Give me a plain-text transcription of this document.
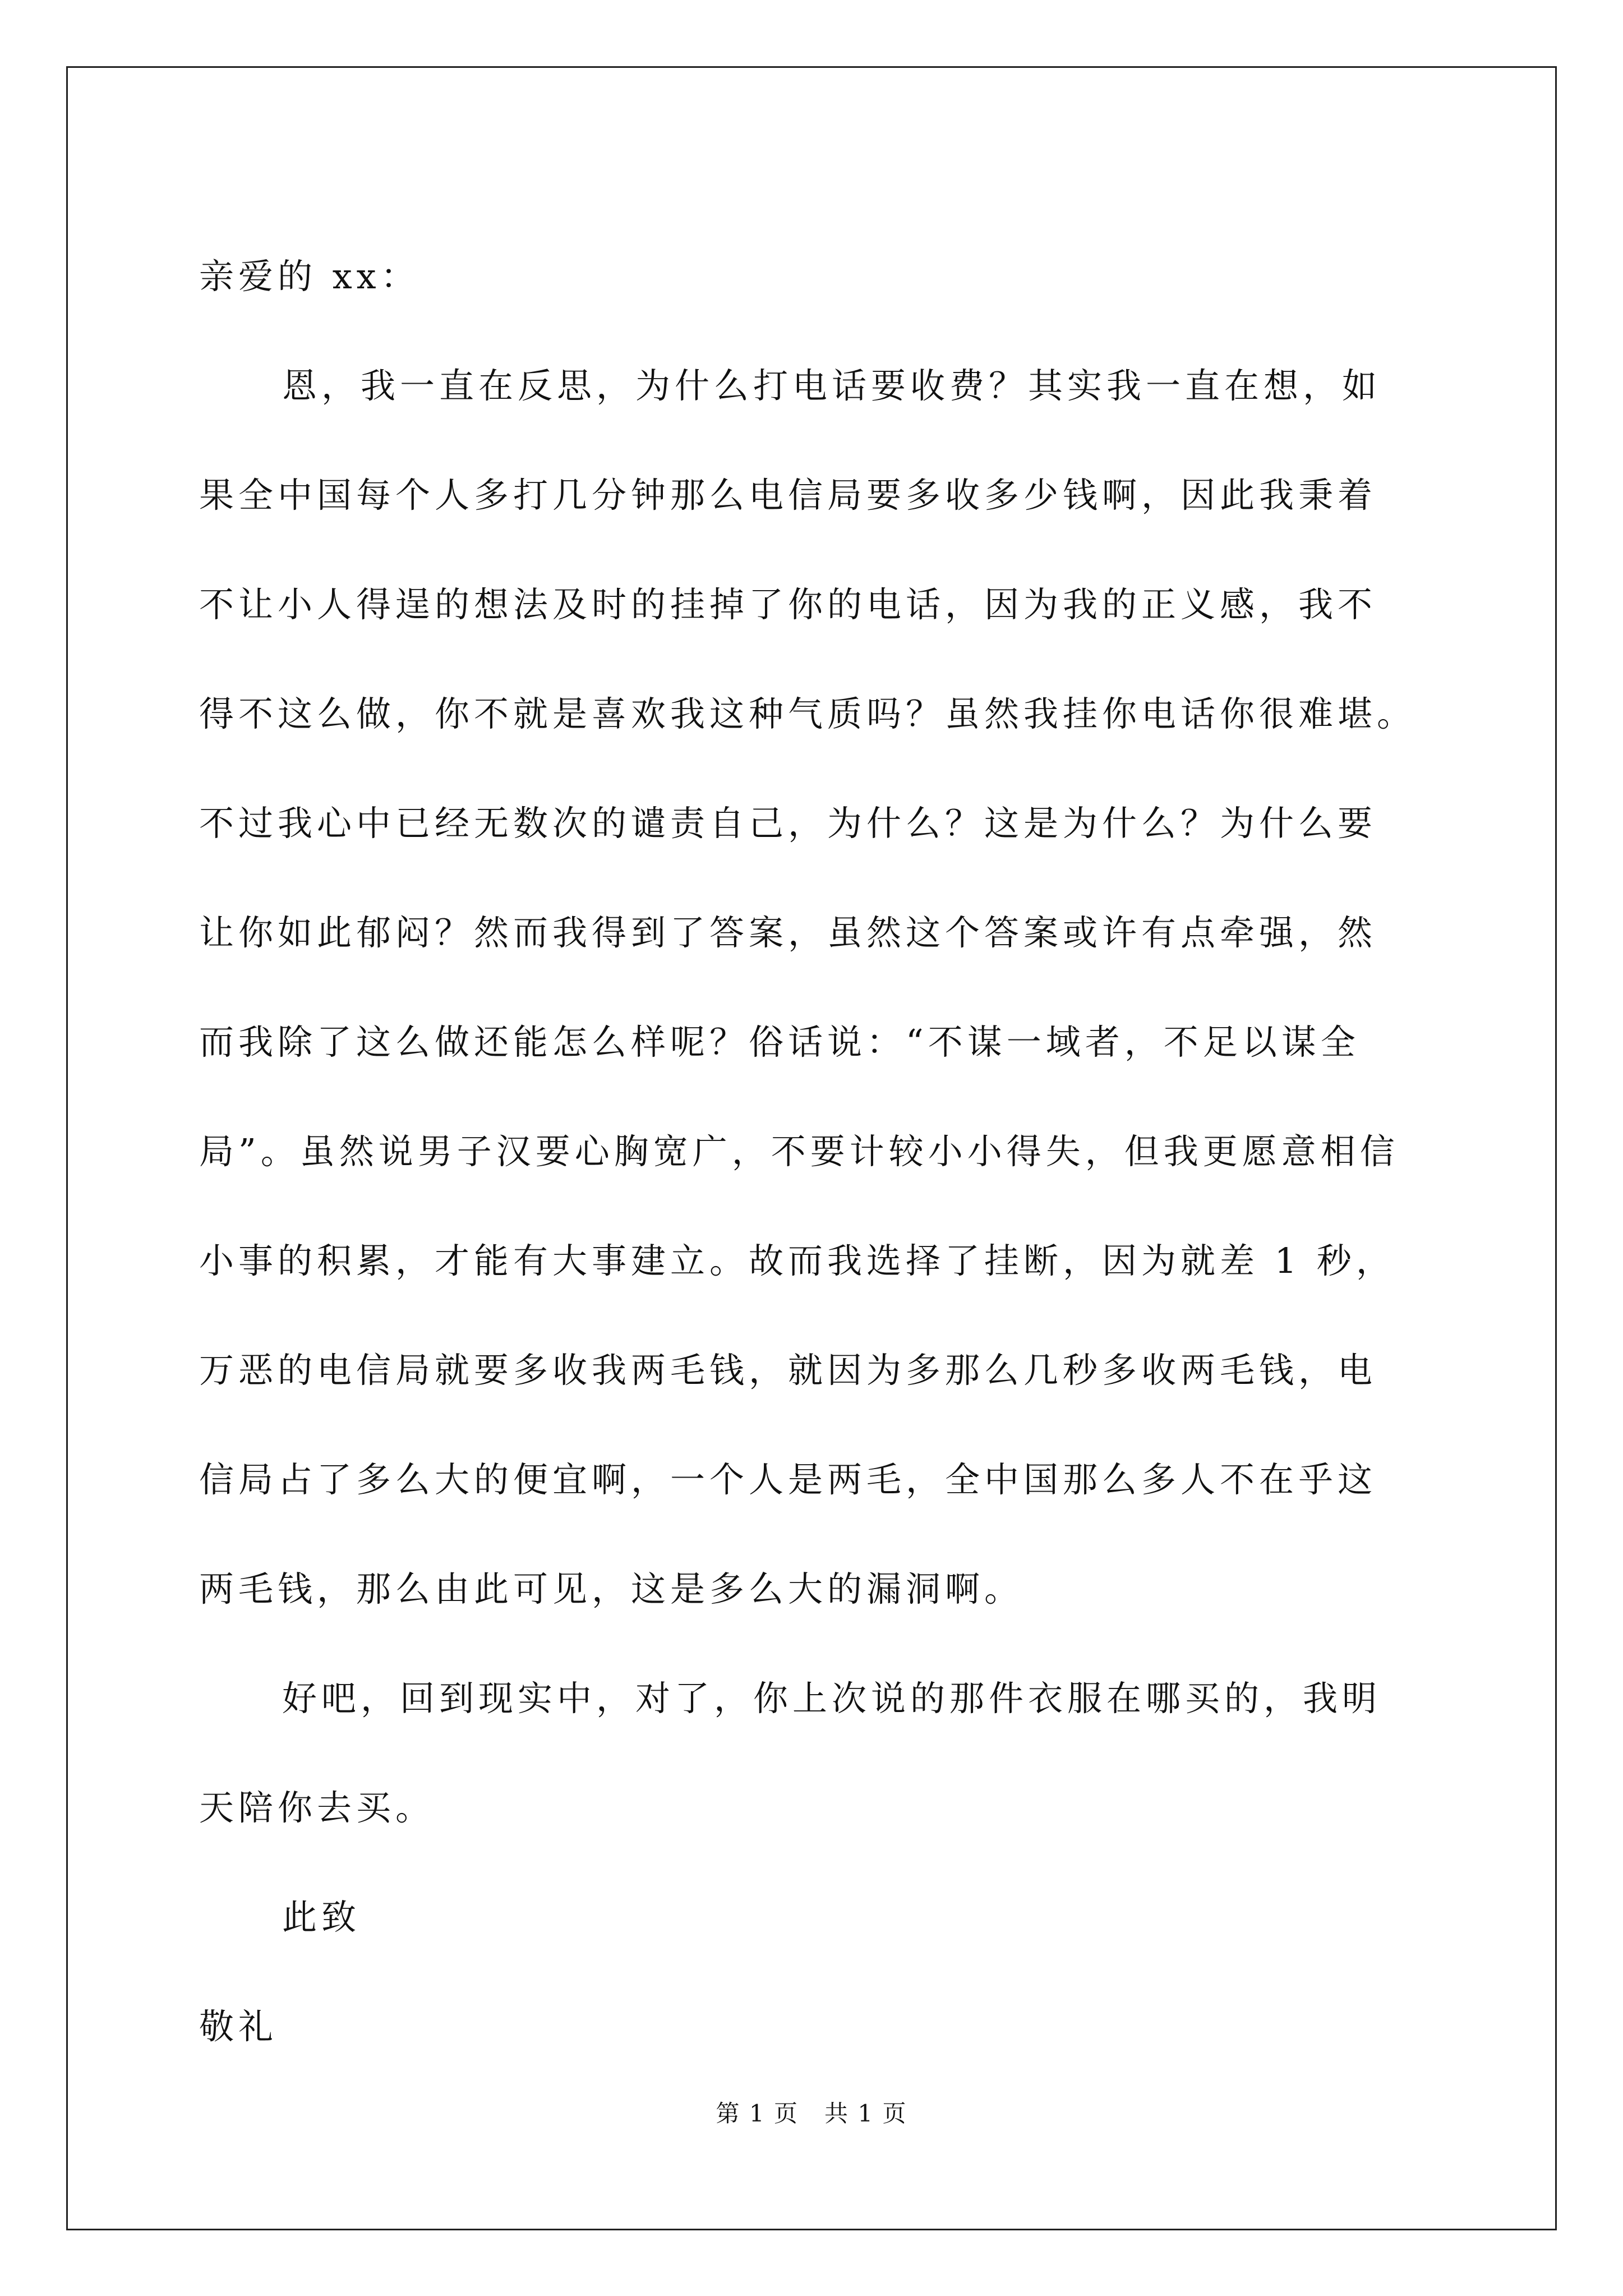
亲爱的 xx：
恩，我一直在反思，为什么打电话要收费？其实我一直在想，如
果全中国每个人多打几分钟那么电信局要多收多少钱啊，因此我秉着
不让小人得逞的想法及时的挂掉了你的电话，因为我的正义感，我不
得不这么做，你不就是喜欢我这种气质吗？虽然我挂你电话你很难堪。
不过我心中已经无数次的谴责自己，为什么？这是为什么？为什么要
让你如此郁闷？然而我得到了答案，虽然这个答案或许有点牵强，然
而我除了这么做还能怎么样呢？俗话说：“不谋一域者，不足以谋全
局”。虽然说男子汉要心胸宽广，不要计较小小得失，但我更愿意相信
小事的积累，才能有大事建立。故而我选择了挂断，因为就差 1 秒，
万恶的电信局就要多收我两毛钱，就因为多那么几秒多收两毛钱，电
信局占了多么大的便宜啊，一个人是两毛，全中国那么多人不在乎这
两毛钱，那么由此可见，这是多么大的漏洞啊。
好吧，回到现实中，对了，你上次说的那件衣服在哪买的，我明
天陪你去买。
此致
敬礼
第 1 页   共 1 页
